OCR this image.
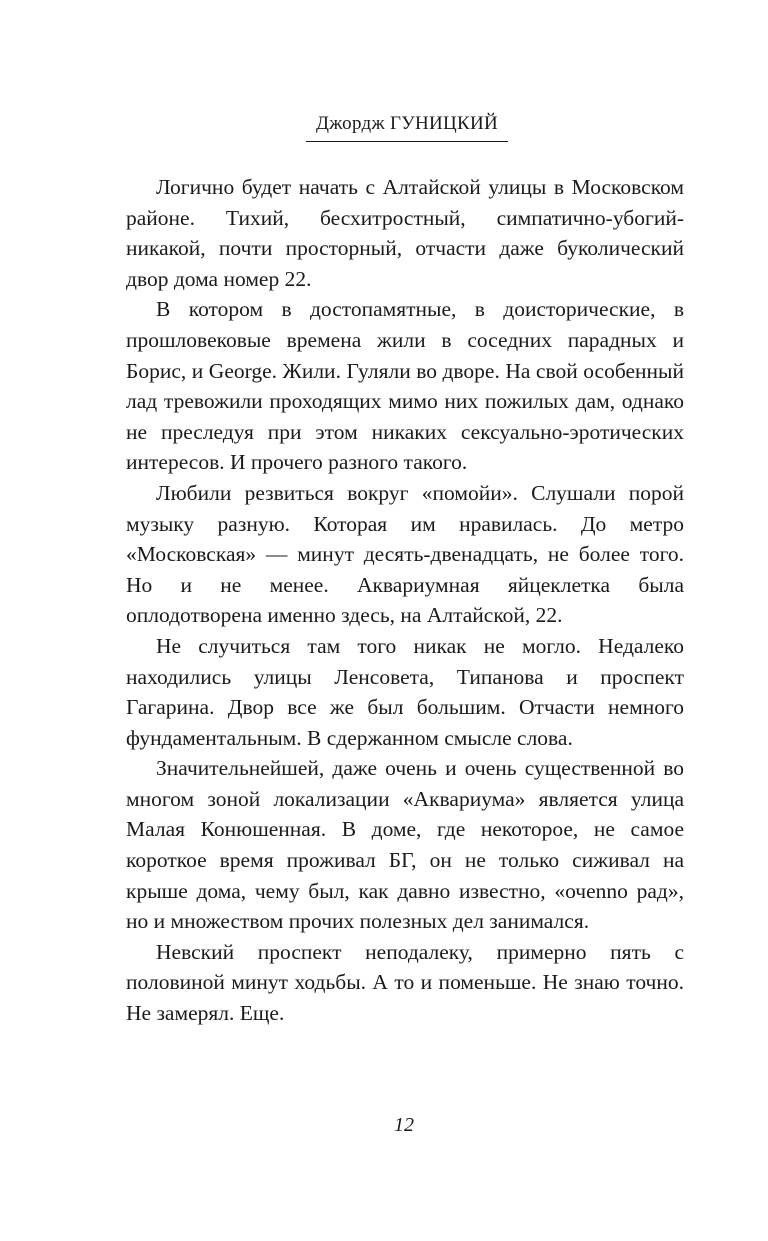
Джордж ГУНИЦКИЙ

Логично будет начать с Алтайской улицы в Московском районе. Тихий, бесхитростный, симпатично-убогий-никакой, почти просторный, отчасти даже буколический двор дома номер 22.

В котором в достопамятные, в доисторические, в прошловековые времена жили в соседних парадных и Борис, и George. Жили. Гуляли во дворе. На свой особенный лад тревожили проходящих мимо них пожилых дам, однако не преследуя при этом никаких сексуально-эротических интересов. И прочего разного такого.

Любили резвиться вокруг «помойи». Слушали порой музыку разную. Которая им нравилась. До метро «Московская» — минут десять-двенадцать, не более того. Но и не менее. Аквариумная яйцеклетка была оплодотворена именно здесь, на Алтайской, 22.

Не случиться там того никак не могло. Недалеко находились улицы Ленсовета, Типанова и проспект Гагарина. Двор все же был большим. Отчасти немного фундаментальным. В сдержанном смысле слова.

Значительнейшей, даже очень и очень существенной во многом зоной локализации «Аквариума» является улица Малая Конюшенная. В доме, где некоторое, не самое короткое время проживал БГ, он не только сиживал на крыше дома, чему был, как давно известно, «очennо рад», но и множеством прочих полезных дел занимался.

Невский проспект неподалеку, примерно пять с половиной минут ходьбы. А то и поменьше. Не знаю точно. Не замерял. Еще.

12
